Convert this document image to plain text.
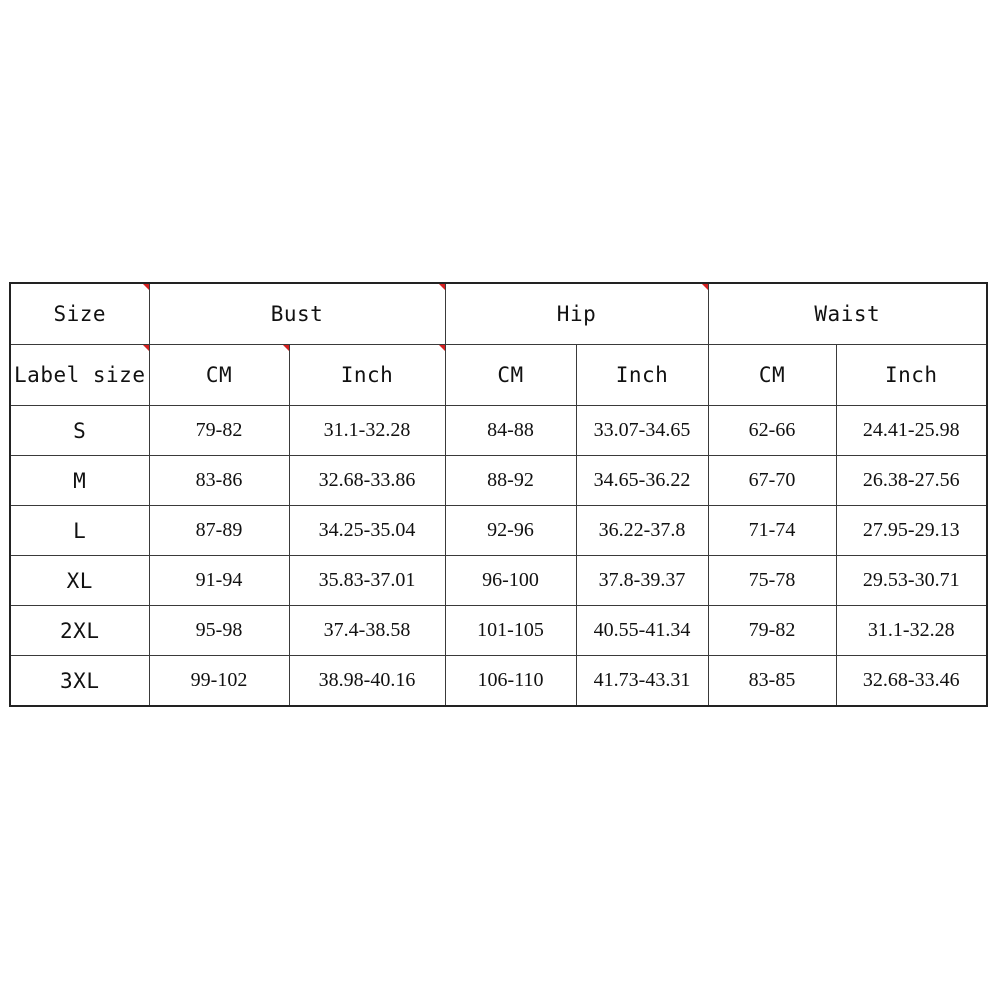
Size	Bust		Hip		Waist	
Label size	CM	Inch	CM	Inch	CM	Inch
S	79-82	31.1-32.28	84-88	33.07-34.65	62-66	24.41-25.98
M	83-86	32.68-33.86	88-92	34.65-36.22	67-70	26.38-27.56
L	87-89	34.25-35.04	92-96	36.22-37.8	71-74	27.95-29.13
XL	91-94	35.83-37.01	96-100	37.8-39.37	75-78	29.53-30.71
2XL	95-98	37.4-38.58	101-105	40.55-41.34	79-82	31.1-32.28
3XL	99-102	38.98-40.16	106-110	41.73-43.31	83-85	32.68-33.46
